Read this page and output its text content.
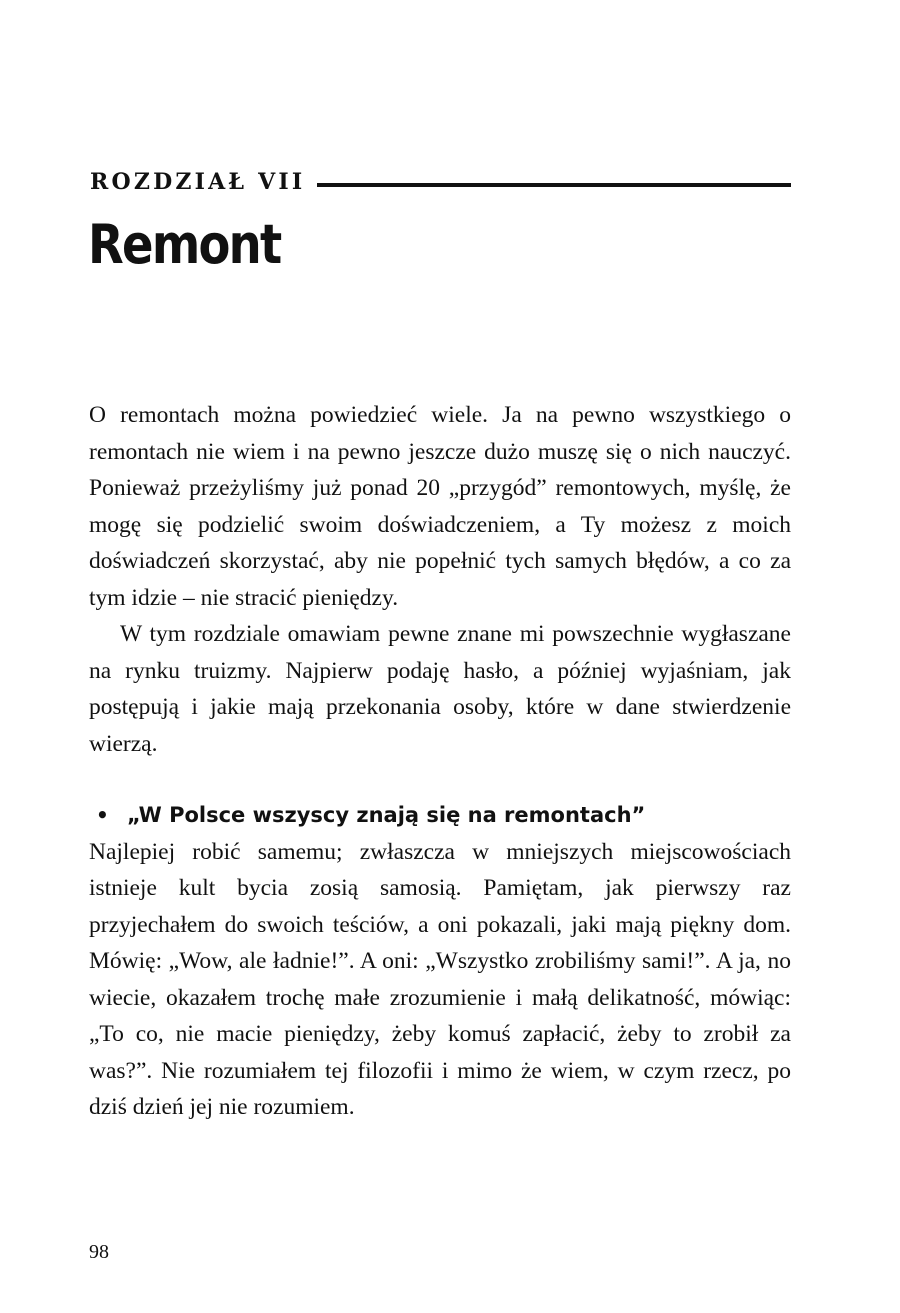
ROZDZIAŁ VII
Remont

O remontach można powiedzieć wiele. Ja na pewno wszystkiego o remontach nie wiem i na pewno jeszcze dużo muszę się o nich nauczyć. Ponieważ przeżyliśmy już ponad 20 „przygód” remontowych, myślę, że mogę się podzielić swoim doświadczeniem, a Ty możesz z moich doświadczeń skorzystać, aby nie popełnić tych samych błędów, a co za tym idzie – nie stracić pieniędzy.

W tym rozdziale omawiam pewne znane mi powszechnie wygłaszane na rynku truizmy. Najpierw podaję hasło, a później wyjaśniam, jak postępują i jakie mają przekonania osoby, które w dane stwierdzenie wierzą.

• „W Polsce wszyscy znają się na remontach”

Najlepiej robić samemu; zwłaszcza w mniejszych miejscowościach istnieje kult bycia zosią samosią. Pamiętam, jak pierwszy raz przyjechałem do swoich teściów, a oni pokazali, jaki mają piękny dom. Mówię: „Wow, ale ładnie!”. A oni: „Wszystko zrobiliśmy sami!”. A ja, no wiecie, okazałem trochę małe zrozumienie i małą delikatność, mówiąc: „To co, nie macie pieniędzy, żeby komuś zapłacić, żeby to zrobił za was?”. Nie rozumiałem tej filozofii i mimo że wiem, w czym rzecz, po dziś dzień jej nie rozumiem.

98
